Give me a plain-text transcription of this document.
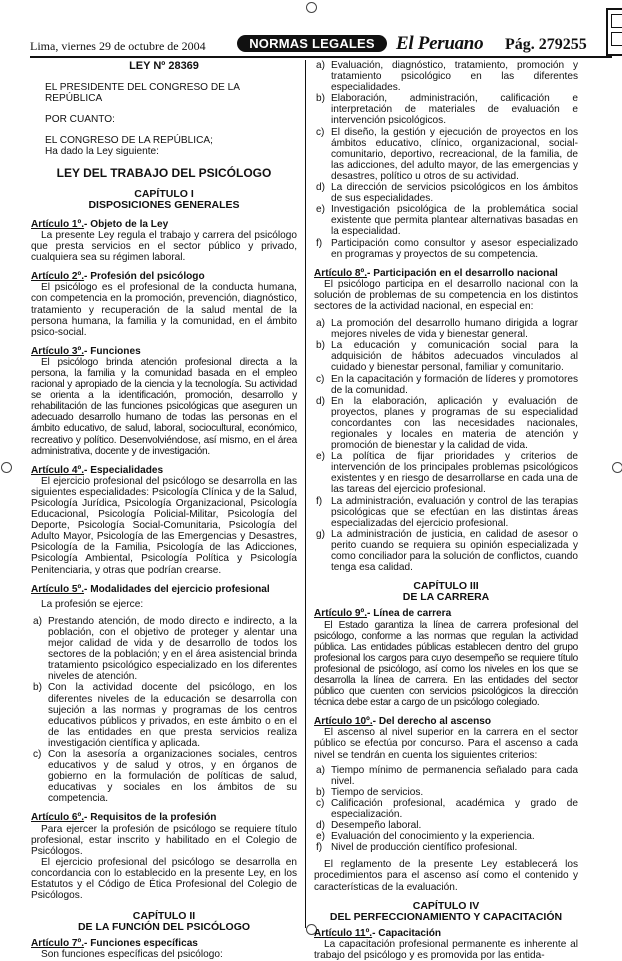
Lima, viernes 29 de octubre de 2004	NORMAS LEGALES	El Peruano Pág. 279255

LEY Nº 28369

EL PRESIDENTE DEL CONGRESO DE LA REPÚBLICA

POR CUANTO:

EL CONGRESO DE LA REPÚBLICA;

Ha dado la Ley siguiente:

LEY DEL TRABAJO DEL PSICÓLOGO

CAPÍTULO I

DISPOSICIONES GENERALES

Artículo 1º.- Objeto de la Ley

La presente Ley regula el trabajo y carrera del psicólogo que presta servicios en el sector público y privado, cualquiera sea su régimen laboral.

Artículo 2º.- Profesión del psicólogo

El psicólogo es el profesional de la conducta humana, con competencia en la promoción, prevención, diagnóstico, tratamiento y recuperación de la salud mental de la persona humana, la familia y la comunidad, en el ámbito psico-social.

Artículo 3º.- Funciones

El psicólogo brinda atención profesional directa a la persona, la familia y la comunidad basada en el empleo racional y apropiado de la ciencia y la tecnología. Su actividad se orienta a la identificación, promoción, desarrollo y rehabilitación de las funciones psicológicas que aseguren un adecuado desarrollo humano de todas las personas en el ámbito educativo, de salud, laboral, sociocultural, económico, recreativo y político. Desenvolviéndose, así mismo, en el área administrativa, docente y de investigación.

Artículo 4º.- Especialidades

El ejercicio profesional del psicólogo se desarrolla en las siguientes especialidades: Psicología Clínica y de la Salud, Psicología Jurídica, Psicología Organizacional, Psicología Educacional, Psicología Policial-Militar, Psicología del Deporte, Psicología Social-Comunitaria, Psicología del Adulto Mayor, Psicología de las Emergencias y Desastres, Psicología de la Familia, Psicología de las Adicciones, Psicología Ambiental, Psicología Política y Psicología Penitenciaria, y otras que podrían crearse.

Artículo 5º.- Modalidades del ejercicio profesional

La profesión se ejerce:

a) Prestando atención, de modo directo e indirecto, a la población, con el objetivo de proteger y alentar una mejor calidad de vida y de desarrollo de todos los sectores de la población; y en el área asistencial brinda tratamiento psicológico especializado en los diferentes niveles de atención.
b) Con la actividad docente del psicólogo, en los diferentes niveles de la educación se desarrolla con sujeción a las normas y programas de los centros educativos públicos y privados, en este ámbito o en el de las entidades en que presta servicios realiza investigación científica y aplicada.
c) Con la asesoría a organizaciones sociales, centros educativos y de salud y otros, y en órganos de gobierno en la formulación de políticas de salud, educativas y sociales en los ámbitos de su competencia.

Artículo 6º.- Requisitos de la profesión

Para ejercer la profesión de psicólogo se requiere título profesional, estar inscrito y habilitado en el Colegio de Psicólogos.

El ejercicio profesional del psicólogo se desarrolla en concordancia con lo establecido en la presente Ley, en los Estatutos y el Código de Ética Profesional del Colegio de Psicólogos.

CAPÍTULO II

DE LA FUNCIÓN DEL PSICÓLOGO

Artículo 7º.- Funciones específicas

Son funciones específicas del psicólogo:

a) Evaluación, diagnóstico, tratamiento, promoción y tratamiento psicológico en las diferentes especialidades.
b) Elaboración, administración, calificación e interpretación de materiales de evaluación e intervención psicológicos.
c) El diseño, la gestión y ejecución de proyectos en los ámbitos educativo, clínico, organizacional, social-comunitario, deportivo, recreacional, de la familia, de las adicciones, del adulto mayor, de las emergencias y desastres, político u otros de su actividad.
d) La dirección de servicios psicológicos en los ámbitos de sus especialidades.
e) Investigación psicológica de la problemática social existente que permita plantear alternativas basadas en la especialidad.
f) Participación como consultor y asesor especializado en programas y proyectos de su competencia.

Artículo 8º.- Participación en el desarrollo nacional

El psicólogo participa en el desarrollo nacional con la solución de problemas de su competencia en los distintos sectores de la actividad nacional, en especial en:

a) La promoción del desarrollo humano dirigida a lograr mejores niveles de vida y bienestar general.
b) La educación y comunicación social para la adquisición de hábitos adecuados vinculados al cuidado y bienestar personal, familiar y comunitario.
c) En la capacitación y formación de líderes y promotores de la comunidad.
d) En la elaboración, aplicación y evaluación de proyectos, planes y programas de su especialidad concordantes con las necesidades nacionales, regionales y locales en materia de atención y promoción de bienestar y la calidad de vida.
e) La política de fijar prioridades y criterios de intervención de los principales problemas psicológicos existentes y en riesgo de desarrollarse en cada una de las tareas del ejercicio profesional.
f) La administración, evaluación y control de las terapias psicológicas que se efectúan en las distintas áreas especializadas del ejercicio profesional.
g) La administración de justicia, en calidad de asesor o perito cuando se requiera su opinión especializada y como conciliador para la solución de conflictos, cuando tenga esa calidad.

CAPÍTULO III

DE LA CARRERA

Artículo 9º.- Línea de carrera

El Estado garantiza la línea de carrera profesional del psicólogo, conforme a las normas que regulan la actividad pública. Las entidades públicas establecen dentro del grupo profesional los cargos para cuyo desempeño se requiere título profesional de psicólogo, así como los niveles en los que se desarrolla la línea de carrera. En las entidades del sector público que cuenten con servicios psicológicos la dirección técnica debe estar a cargo de un psicólogo colegiado.

Artículo 10º.- Del derecho al ascenso

El ascenso al nivel superior en la carrera en el sector público se efectúa por concurso. Para el ascenso a cada nivel se tendrán en cuenta los siguientes criterios:

a) Tiempo mínimo de permanencia señalado para cada nivel.
b) Tiempo de servicios.
c) Calificación profesional, académica y grado de especialización.
d) Desempeño laboral.
e) Evaluación del conocimiento y la experiencia.
f) Nivel de producción científico profesional.

El reglamento de la presente Ley establecerá los procedimientos para el ascenso así como el contenido y características de la evaluación.

CAPÍTULO IV

DEL PERFECCIONAMIENTO Y CAPACITACIÓN

Artículo 11º.- Capacitación

La capacitación profesional permanente es inherente al trabajo del psicólogo y es promovida por las entida-
